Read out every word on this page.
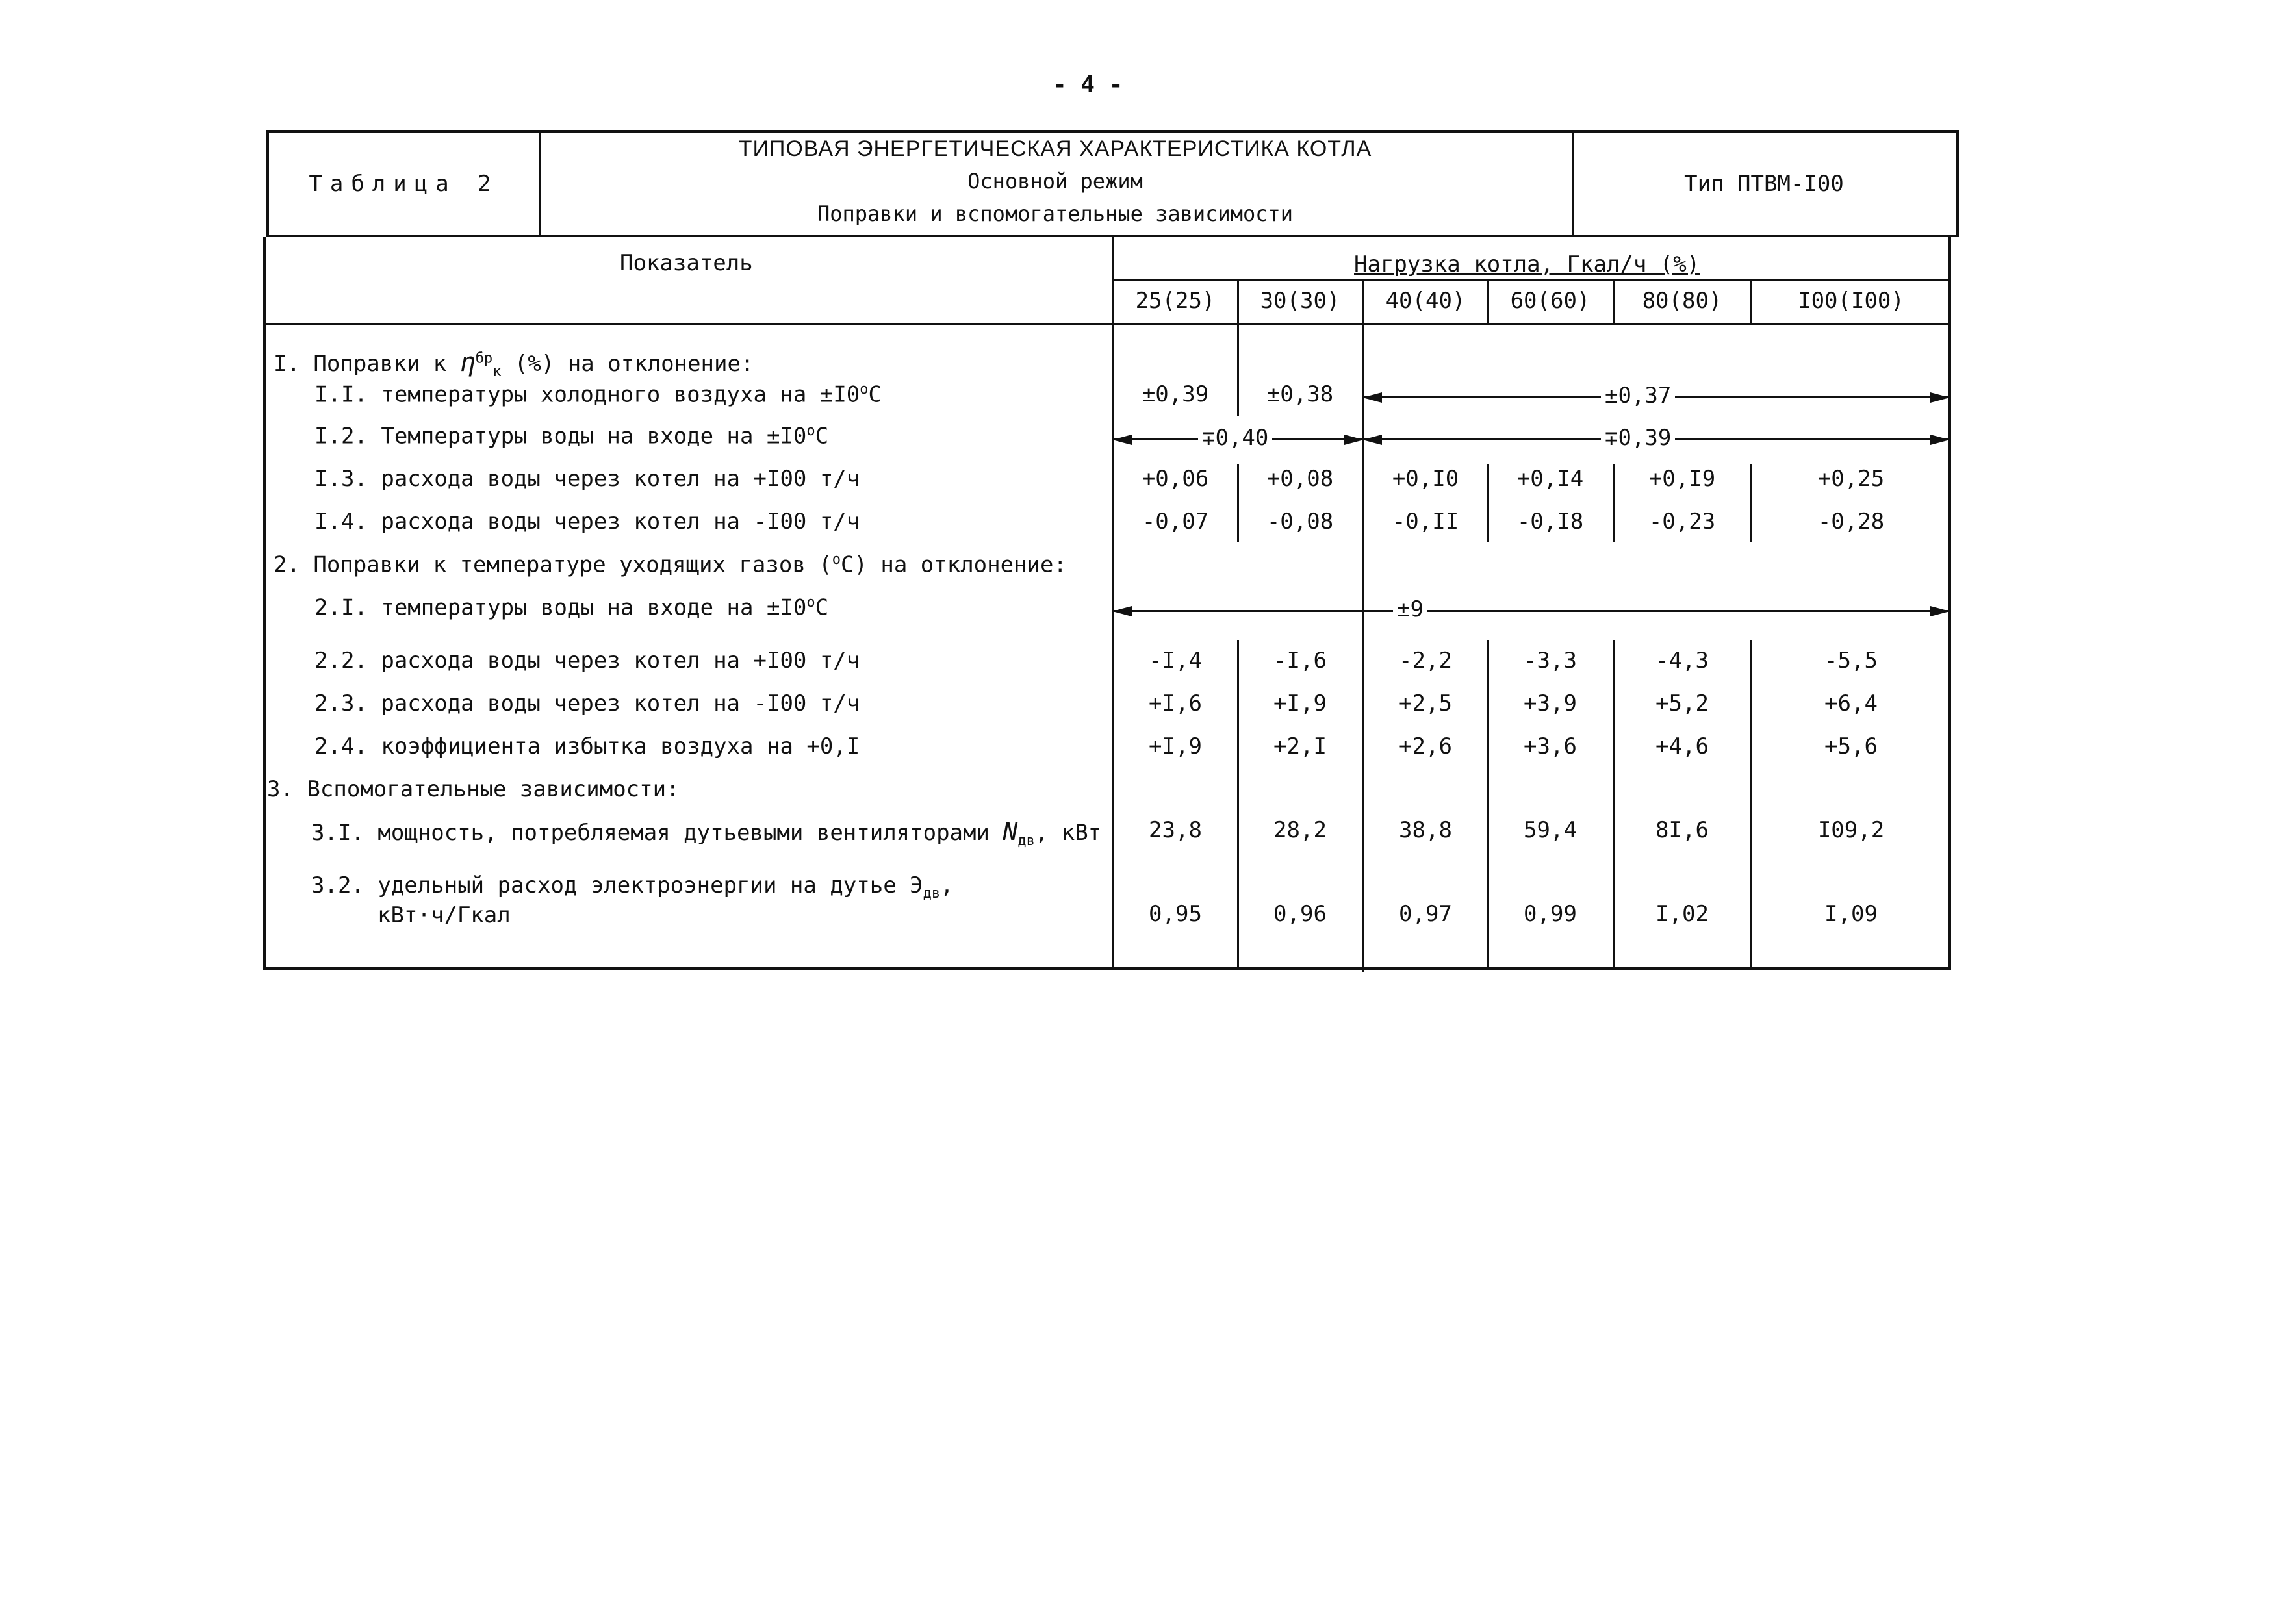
- 4 -
Таблица 2
ТИПОВАЯ ЭНЕРГЕТИЧЕСКАЯ ХАРАКТЕРИСТИКА КОТЛА
Основной режим
Поправки и вспомогательные зависимости
Тип ПТВМ-I00
Показатель	Нагрузка котла, Гкал/ч (%)
25(25)	30(30)	40(40)	60(60)	80(80)	I00(I00)
I. Поправки к $\eta^{бр}_к$ (%) на отклонение:
I.I. температуры холодного воздуха на $\pm I0^oС$	±0,39	±0,38	±0,37
I.2. Температуры воды на входе на $\pm I0^oС$	∓0,40	∓0,39
I.3. расхода воды через котел на +I00 т/ч	+0,06	+0,08	+0,I0	+0,I4	+0,I9	+0,25
I.4. расхода воды через котел на -I00 т/ч	-0,07	-0,08	-0,II	-0,I8	-0,23	-0,28
2. Поправки к температуре уходящих газов ($^o$С) на отклонение:
2.I. температуры воды на входе на $\pm I0^oС$	±9
2.2. расхода воды через котел на +I00 т/ч	-I,4	-I,6	-2,2	-3,3	-4,3	-5,5
2.3. расхода воды через котел на -I00 т/ч	+I,6	+I,9	+2,5	+3,9	+5,2	+6,4
2.4. коэффициента избытка воздуха на +0,I	+I,9	+2,I	+2,6	+3,6	+4,6	+5,6
3. Вспомогательные зависимости:
3.I. мощность, потребляемая дутьевыми вентиляторами $N_{дв}$, кВт	23,8	28,2	38,8	59,4	8I,6	I09,2
3.2. удельный расход электроэнергии на дутье $Э_{дв}$,
кВт·ч/Гкал	0,95	0,96	0,97	0,99	I,02	I,09
